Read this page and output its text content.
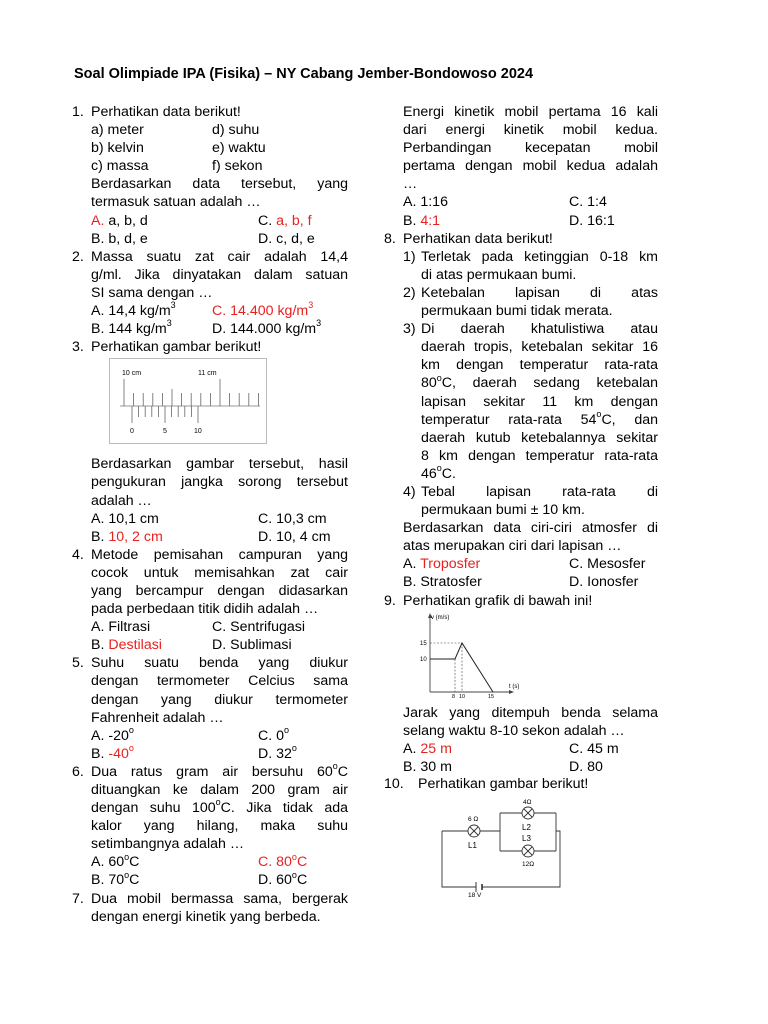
Soal Olimpiade IPA (Fisika) – NY Cabang Jember-Bondowoso 2024
1. Perhatikan data berikut!
a) meter	d) suhu
b) kelvin	e) waktu
c) massa	f) sekon
Berdasarkan data tersebut, yang
termasuk satuan adalah …
A. a, b, d	C. a, b, f
B. b, d, e	D. c, d, e
2. Massa suatu zat cair adalah 14,4
g/ml. Jika dinyatakan dalam satuan
SI sama dengan …
A. 14,4 $kg/m^3$	C. 14.400 $kg/m^3$
B. 144 $kg/m^3$	D. 144.000 $kg/m^3$
3. Perhatikan gambar berikut!
10 cm	11 cm
0	5	10
Berdasarkan gambar tersebut, hasil
pengukuran jangka sorong tersebut
adalah …
A. 10,1 cm	C. 10,3 cm
B. 10, 2 cm	D. 10, 4 cm
4. Metode pemisahan campuran yang
cocok untuk memisahkan zat cair
yang bercampur dengan didasarkan
pada perbedaan titik didih adalah …
A. Filtrasi	C. Sentrifugasi
B. Destilasi	D. Sublimasi
5. Suhu suatu benda yang diukur
dengan termometer Celcius sama
dengan yang diukur termometer
Fahrenheit adalah …
A. -20$^o$	C. 0$^o$
B. -40$^o$	D. 32$^o$
6. Dua ratus gram air bersuhu 60$^o$C
dituangkan ke dalam 200 gram air
dengan suhu 100$^o$C. Jika tidak ada
kalor yang hilang, maka suhu
setimbangnya adalah …
A. 60$^o$C	C. 80$^o$C
B. 70$^o$C	D. 60$^o$C
7. Dua mobil bermassa sama, bergerak
dengan energi kinetik yang berbeda.
Energi kinetik mobil pertama 16 kali
dari energi kinetik mobil kedua.
Perbandingan kecepatan mobil
pertama dengan mobil kedua adalah
…
A. 1:16	C. 1:4
B. 4:1	D. 16:1
8. Perhatikan data berikut!
1) Terletak pada ketinggian 0-18 km
di atas permukaan bumi.
2) Ketebalan lapisan di atas
permukaan bumi tidak merata.
3) Di daerah khatulistiwa atau
daerah tropis, ketebalan sekitar 16
km dengan temperatur rata-rata
80$^o$C, daerah sedang ketebalan
lapisan sekitar 11 km dengan
temperatur rata-rata 54$^o$C, dan
daerah kutub ketebalannya sekitar
8 km dengan temperatur rata-rata
46$^o$C.
4) Tebal lapisan rata-rata di
permukaan bumi ± 10 km.
Berdasarkan data ciri-ciri atmosfer di
atas merupakan ciri dari lapisan …
A. Troposfer	C. Mesosfer
B. Stratosfer	D. Ionosfer
9. Perhatikan grafik di bawah ini!
v (m/s)
t (s)
15
10
8 10	15
Jarak yang ditempuh benda selama
selang waktu 8-10 sekon adalah …
A. 25 m	C. 45 m
B. 30 m	D. 80
10.	Perhatikan gambar berikut!
6 Ω
L1
4Ω
L2
L3
12Ω
18 V
